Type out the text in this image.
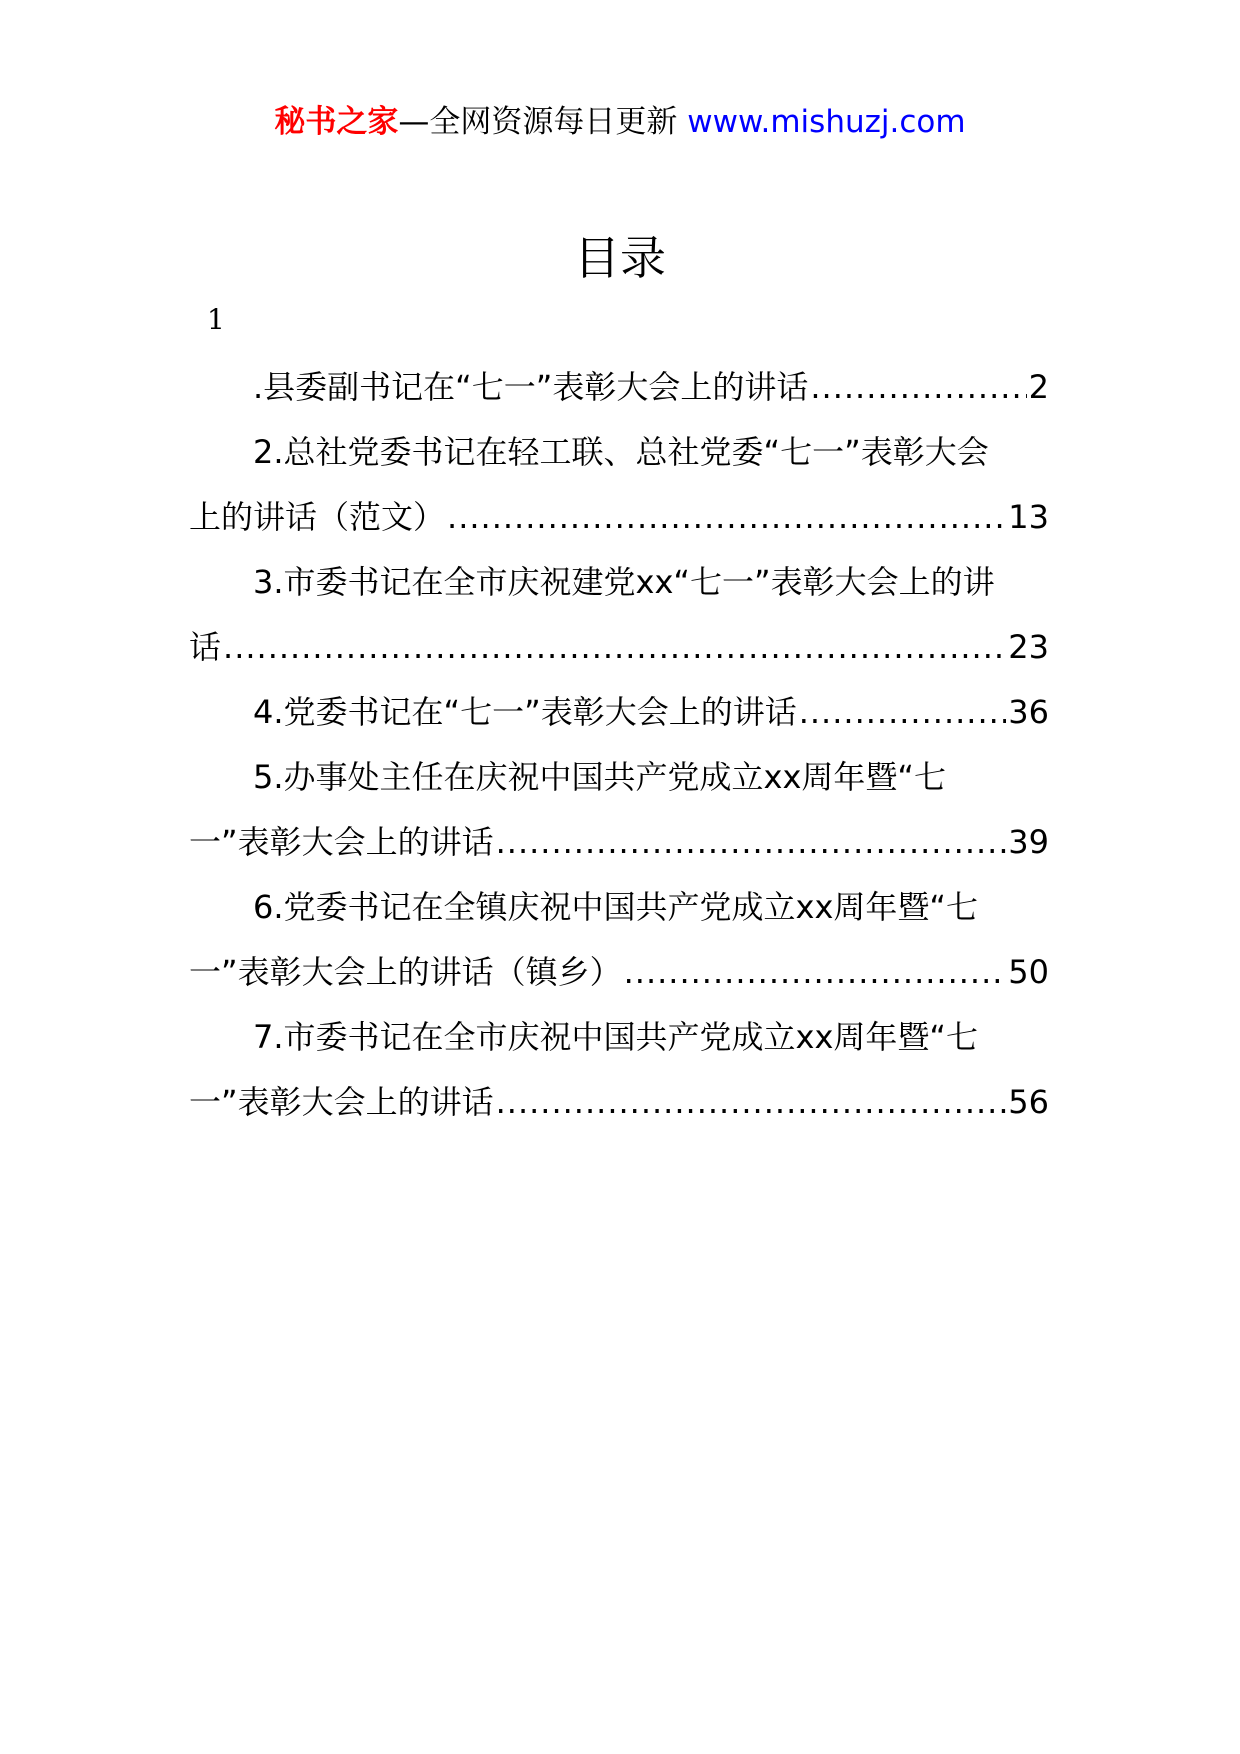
秘书之家—全网资源每日更新 www.mishuzj.com
目录
1
.县委副书记在“七一”表彰大会上的讲话 .....	2
2.总社党委书记在轻工联、总社党委“七一”表彰大会
上的讲话（范文） .....	13
3.市委书记在全市庆祝建党xx“七一”表彰大会上的讲
话 .....	23
4.党委书记在“七一”表彰大会上的讲话 .....	36
5.办事处主任在庆祝中国共产党成立xx周年暨“七
一”表彰大会上的讲话 .....	39
6.党委书记在全镇庆祝中国共产党成立xx周年暨“七
一”表彰大会上的讲话（镇乡） .....	50
7.市委书记在全市庆祝中国共产党成立xx周年暨“七
一”表彰大会上的讲话 .....	56
